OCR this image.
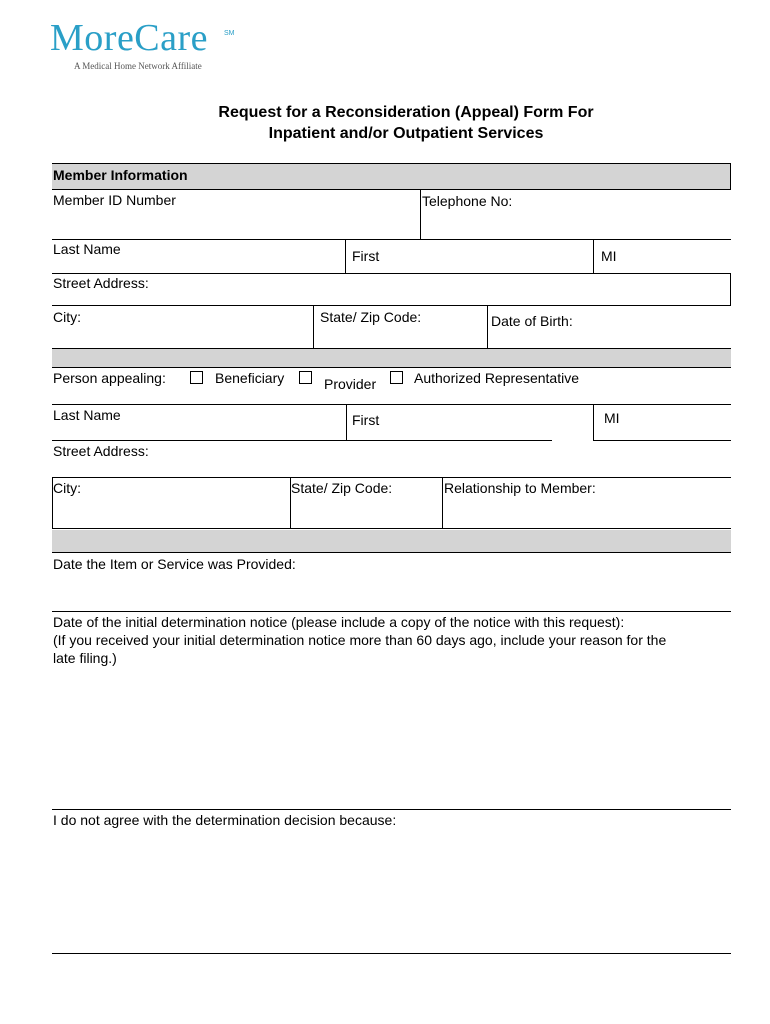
MoreCare SM
A Medical Home Network Affiliate
Request for a Reconsideration (Appeal) Form For
Inpatient and/or Outpatient Services
Member Information
Member ID Number	Telephone No:
Last Name	First	MI
Street Address:
City:	State/ Zip Code:	Date of Birth:
Person appealing:	Beneficiary	Provider	Authorized Representative
Last Name	First	MI
Street Address:
City:	State/ Zip Code:	Relationship to Member:
Date the Item or Service was Provided:
Date of the initial determination notice (please include a copy of the notice with this request):
(If you received your initial determination notice more than 60 days ago, include your reason for the
late filing.)
I do not agree with the determination decision because:
